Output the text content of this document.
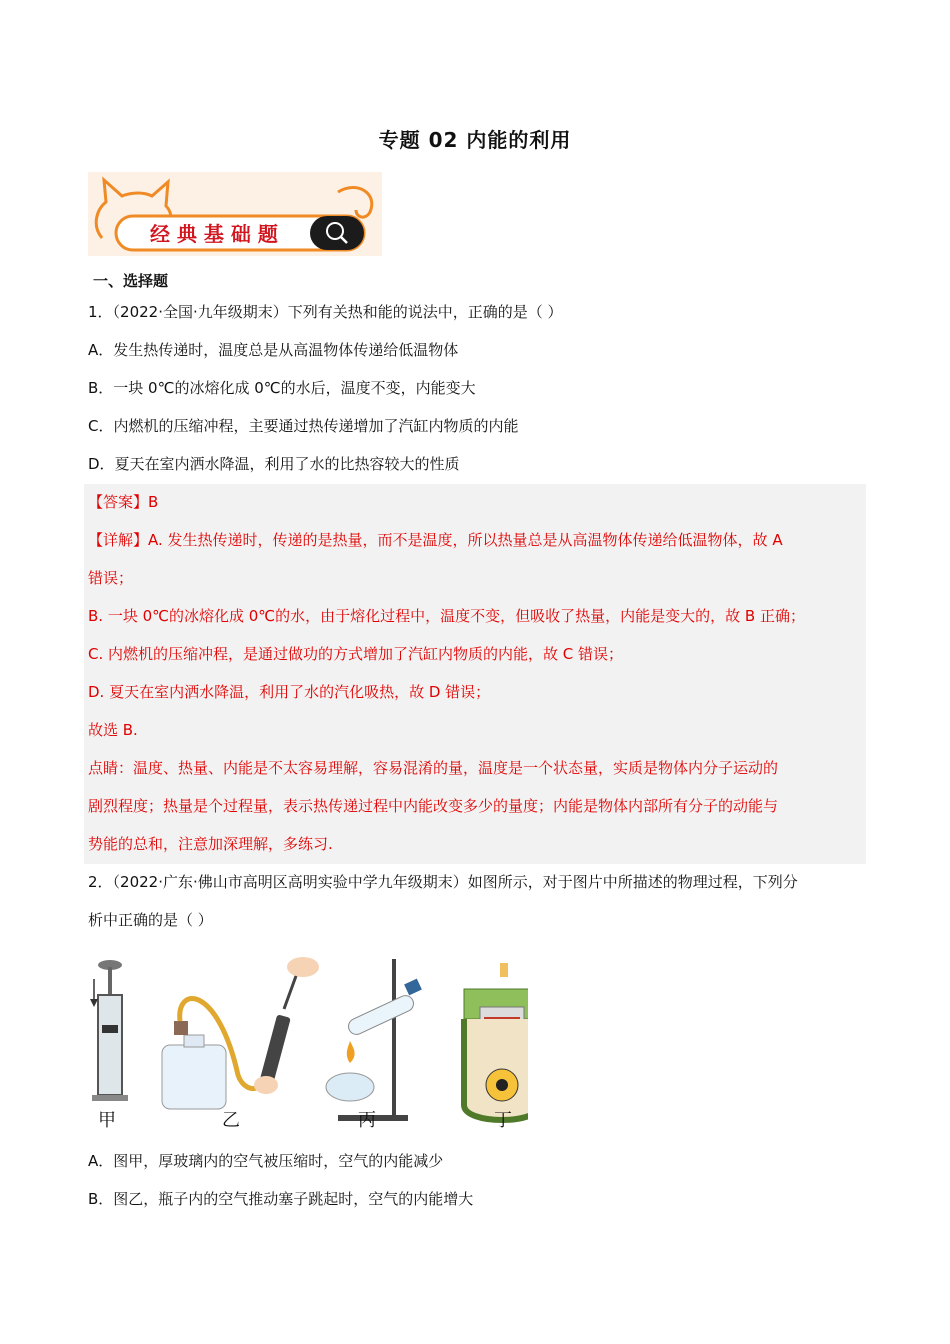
专题 02 内能的利用
经 典 基 础 题
一、选择题
1．（2022·全国·九年级期末）下列有关热和能的说法中，正确的是（ ）
A．发生热传递时，温度总是从高温物体传递给低温物体
B．一块 0℃的冰熔化成 0℃的水后，温度不变，内能变大
C．内燃机的压缩冲程，主要通过热传递增加了汽缸内物质的内能
D．夏天在室内洒水降温，利用了水的比热容较大的性质
【答案】B
【详解】A. 发生热传递时，传递的是热量，而不是温度，所以热量总是从高温物体传递给低温物体，故 A
错误；
B. 一块 0℃的冰熔化成 0℃的水，由于熔化过程中，温度不变，但吸收了热量，内能是变大的，故 B 正确；
C. 内燃机的压缩冲程，是通过做功的方式增加了汽缸内物质的内能，故 C 错误；
D. 夏天在室内洒水降温，利用了水的汽化吸热，故 D 错误；
故选 B.
点睛：温度、热量、内能是不太容易理解，容易混淆的量，温度是一个状态量，实质是物体内分子运动的
剧烈程度；热量是个过程量，表示热传递过程中内能改变多少的量度；内能是物体内部所有分子的动能与
势能的总和，注意加深理解，多练习.
2．（2022·广东·佛山市高明区高明实验中学九年级期末）如图所示，对于图片中所描述的物理过程，下列分
析中正确的是（ ）
甲	乙	丙	丁
A．图甲，厚玻璃内的空气被压缩时，空气的内能减少
B．图乙，瓶子内的空气推动塞子跳起时，空气的内能增大
